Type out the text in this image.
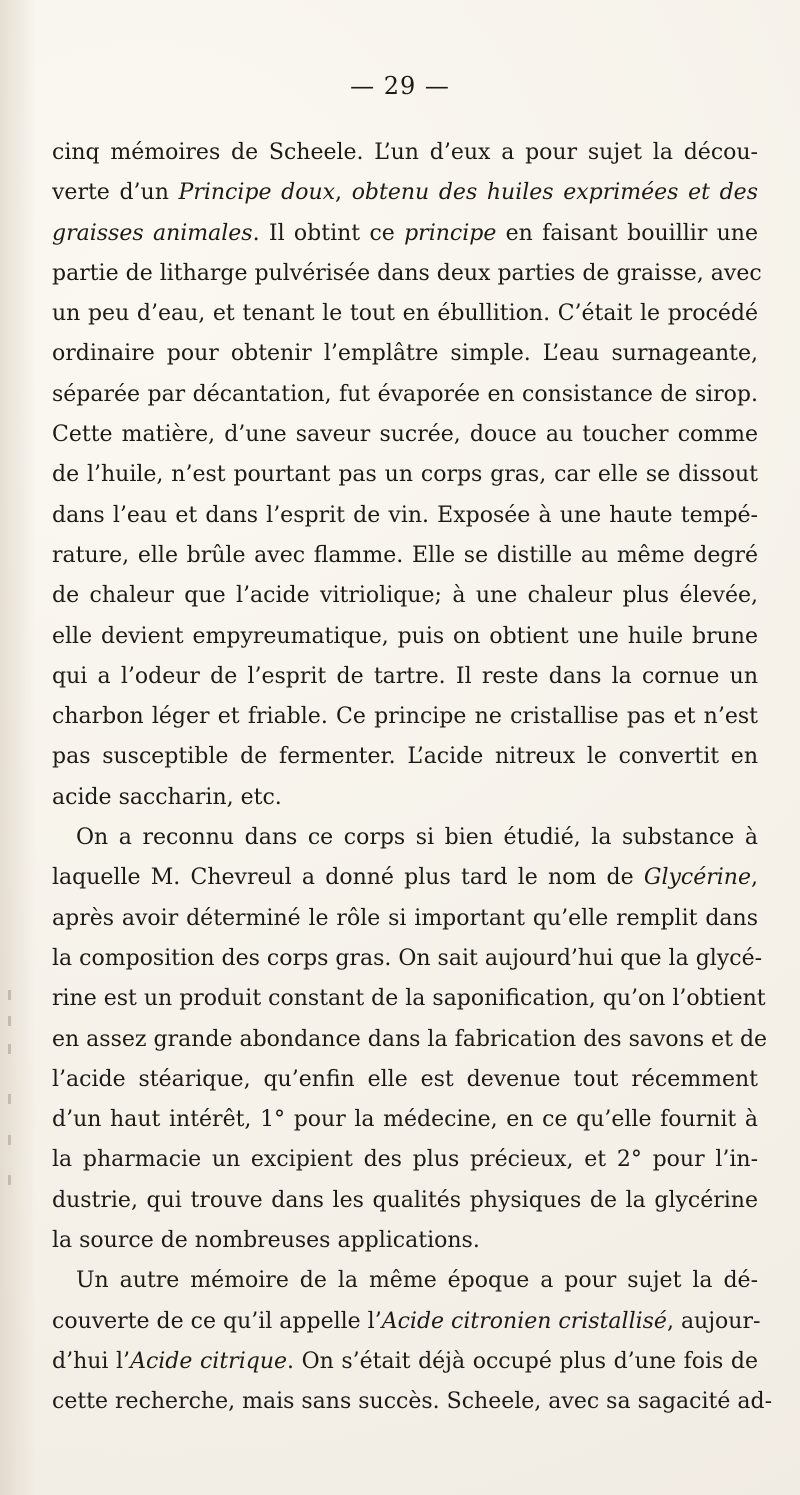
— 29 —
cinq mémoires de Scheele. L’un d’eux a pour sujet la décou-
verte d’un Principe doux, obtenu des huiles exprimées et des
graisses animales. Il obtint ce principe en faisant bouillir une
partie de litharge pulvérisée dans deux parties de graisse, avec
un peu d’eau, et tenant le tout en ébullition. C’était le procédé
ordinaire pour obtenir l’emplâtre simple. L’eau surnageante,
séparée par décantation, fut évaporée en consistance de sirop.
Cette matière, d’une saveur sucrée, douce au toucher comme
de l’huile, n’est pourtant pas un corps gras, car elle se dissout
dans l’eau et dans l’esprit de vin. Exposée à une haute tempé-
rature, elle brûle avec flamme. Elle se distille au même degré
de chaleur que l’acide vitriolique; à une chaleur plus élevée,
elle devient empyreumatique, puis on obtient une huile brune
qui a l’odeur de l’esprit de tartre. Il reste dans la cornue un
charbon léger et friable. Ce principe ne cristallise pas et n’est
pas susceptible de fermenter. L’acide nitreux le convertit en
acide saccharin, etc.
On a reconnu dans ce corps si bien étudié, la substance à
laquelle M. Chevreul a donné plus tard le nom de Glycérine,
après avoir déterminé le rôle si important qu’elle remplit dans
la composition des corps gras. On sait aujourd’hui que la glycé-
rine est un produit constant de la saponification, qu’on l’obtient
en assez grande abondance dans la fabrication des savons et de
l’acide stéarique, qu’enfin elle est devenue tout récemment
d’un haut intérêt, 1° pour la médecine, en ce qu’elle fournit à
la pharmacie un excipient des plus précieux, et 2° pour l’in-
dustrie, qui trouve dans les qualités physiques de la glycérine
la source de nombreuses applications.
Un autre mémoire de la même époque a pour sujet la dé-
couverte de ce qu’il appelle l’Acide citronien cristallisé, aujour-
d’hui l’Acide citrique. On s’était déjà occupé plus d’une fois de
cette recherche, mais sans succès. Scheele, avec sa sagacité ad-
